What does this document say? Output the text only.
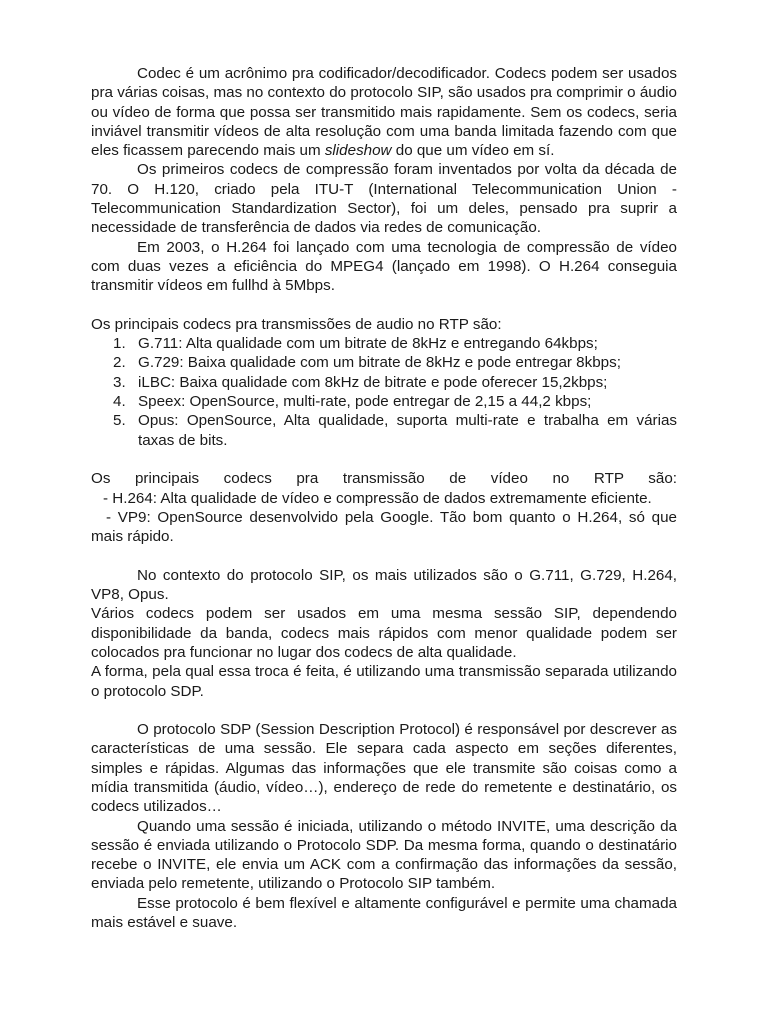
Codec é um acrônimo pra codificador/decodificador. Codecs podem ser usados pra várias coisas, mas no contexto do protocolo SIP, são usados pra comprimir o áudio ou vídeo de forma que possa ser transmitido mais rapidamente. Sem os codecs, seria inviável transmitir vídeos de alta resolução com uma banda limitada fazendo com que eles ficassem parecendo mais um slideshow do que um vídeo em sí.

Os primeiros codecs de compressão foram inventados por volta da década de 70. O H.120, criado pela ITU-T (International Telecommunication Union - Telecommunication Standardization Sector), foi um deles, pensado pra suprir a necessidade de transferência de dados via redes de comunicação.

Em 2003, o H.264 foi lançado com uma tecnologia de compressão de vídeo com duas vezes a eficiência do MPEG4 (lançado em 1998). O H.264 conseguia transmitir vídeos em fullhd à 5Mbps.

Os principais codecs pra transmissões de audio no RTP são:

1. G.711: Alta qualidade com um bitrate de 8kHz e entregando 64kbps;
2. G.729: Baixa qualidade com um bitrate de 8kHz e pode entregar 8kbps;
3. iLBC: Baixa qualidade com 8kHz de bitrate e pode oferecer 15,2kbps;
4. Speex: OpenSource, multi-rate, pode entregar de 2,15 a 44,2 kbps;
5. Opus: OpenSource, Alta qualidade, suporta multi-rate e trabalha em várias taxas de bits.

Os principais codecs pra transmissão de vídeo no RTP são:

- H.264: Alta qualidade de vídeo e compressão de dados extremamente eficiente.

- VP9: OpenSource desenvolvido pela Google. Tão bom quanto o H.264, só que mais rápido.

No contexto do protocolo SIP, os mais utilizados são o G.711, G.729, H.264, VP8, Opus.

Vários codecs podem ser usados em uma mesma sessão SIP, dependendo disponibilidade da banda, codecs mais rápidos com menor qualidade podem ser colocados pra funcionar no lugar dos codecs de alta qualidade.

A forma, pela qual essa troca é feita, é utilizando uma transmissão separada utilizando o protocolo SDP.

O protocolo SDP (Session Description Protocol) é responsável por descrever as características de uma sessão. Ele separa cada aspecto em seções diferentes, simples e rápidas. Algumas das informações que ele transmite são coisas como a mídia transmitida (áudio, vídeo…), endereço de rede do remetente e destinatário, os codecs utilizados…

Quando uma sessão é iniciada, utilizando o método INVITE, uma descrição da sessão é enviada utilizando o Protocolo SDP. Da mesma forma, quando o destinatário recebe o INVITE, ele envia um ACK com a confirmação das informações da sessão, enviada pelo remetente, utilizando o Protocolo SIP também.

Esse protocolo é bem flexível e altamente configurável e permite uma chamada mais estável e suave.
